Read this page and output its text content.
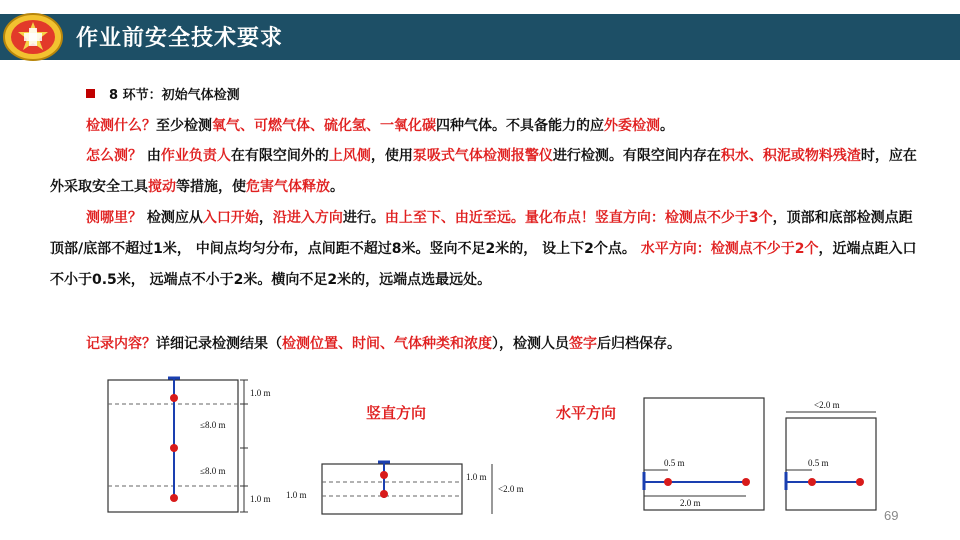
作业前安全技术要求
8 环节：初始气体检测
检测什么？至少检测氧气、可燃气体、硫化氢、一氧化碳四种气体。不具备能力的应外委检测。
怎么测？ 由作业负责人在有限空间外的上风侧，使用泵吸式气体检测报警仪进行检测。有限空间内存在积水、积泥或物料残渣时，应在外采取安全工具搅动等措施，使危害气体释放。
测哪里？ 检测应从入口开始，沿进入方向进行。由上至下、由近至远。量化布点！竖直方向：检测点不少于3个，顶部和底部检测点距顶部/底部不超过1米， 中间点均匀分布，点间距不超过8米。竖向不足2米的， 设上下2个点。 水平方向：检测点不少于2个，近端点距入口不小于0.5米， 远端点不小于2米。横向不足2米的，远端点选最远处。
记录内容？详细记录检测结果（检测位置、时间、气体种类和浓度），检测人员签字后归档保存。
竖直方向	水平方向
1.0 m
≤8.0 m
≤8.0 m
1.0 m
1.0 m
<2.0 m
1.0 m
0.5 m
2.0 m
<2.0 m
0.5 m
69
